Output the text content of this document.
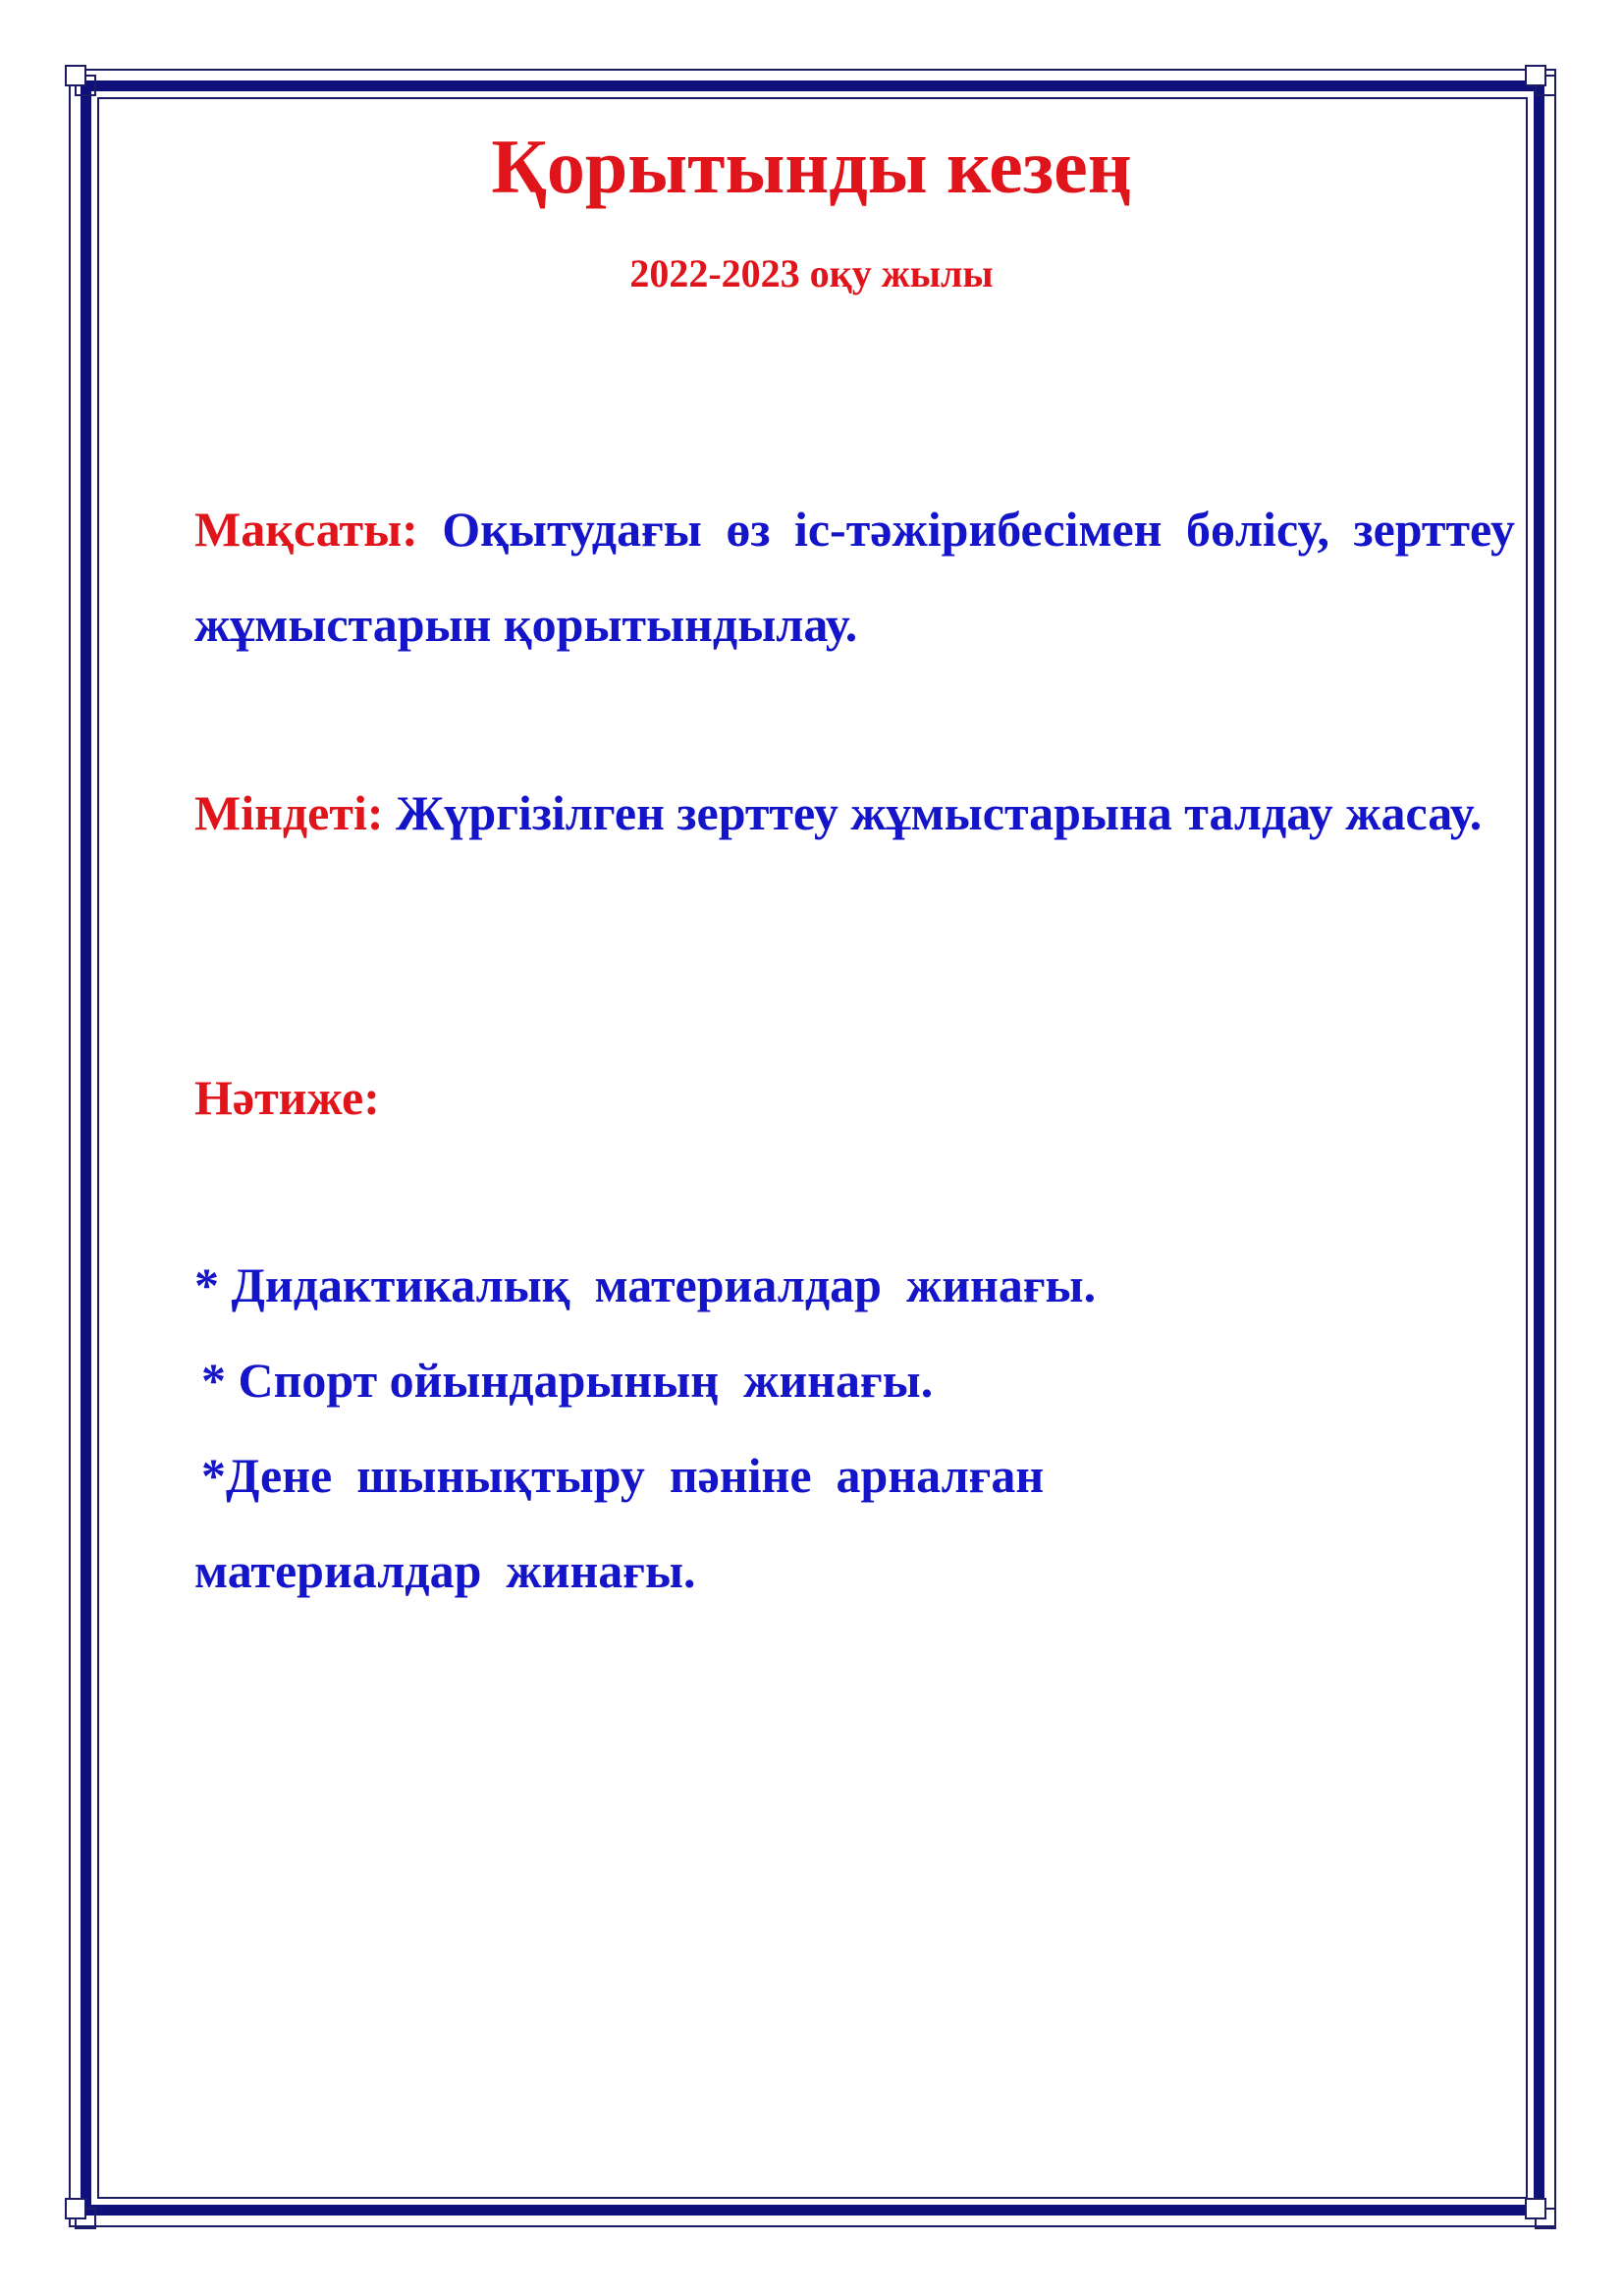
Қорытынды кезең

2022-2023 оқу жылы

Мақсаты: Оқытудағы өз іс-тәжірибесімен бөлісу, зерттеу жұмыстарын қорытындылау.

Міндеті: Жүргізілген зерттеу жұмыстарына талдау жасау.

Нәтиже:

* Дидактикалық  материалдар  жинағы.

* Спорт ойындарының  жинағы.

*Дене  шынықтыру  пәніне  арналған

материалдар  жинағы.
